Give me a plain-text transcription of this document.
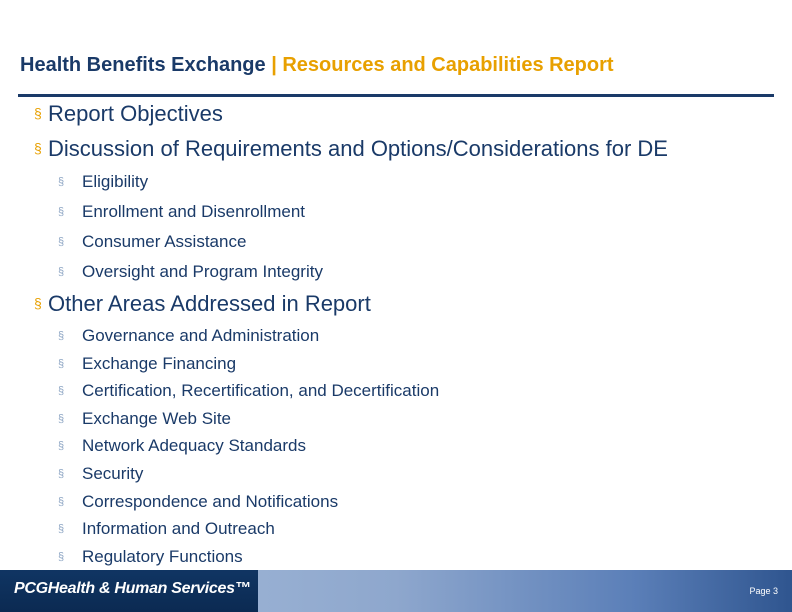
Health Benefits Exchange | Resources and Capabilities Report
§ Report Objectives
§ Discussion of Requirements and Options/Considerations for DE
§ Eligibility
§ Enrollment and Disenrollment
§ Consumer Assistance
§ Oversight and Program Integrity
§ Other Areas Addressed in Report
§ Governance and Administration
§ Exchange Financing
§ Certification, Recertification, and Decertification
§ Exchange Web Site
§ Network Adequacy Standards
§ Security
§ Correspondence and Notifications
§ Information and Outreach
§ Regulatory Functions
PCGHealth & Human Services™	Page 3
